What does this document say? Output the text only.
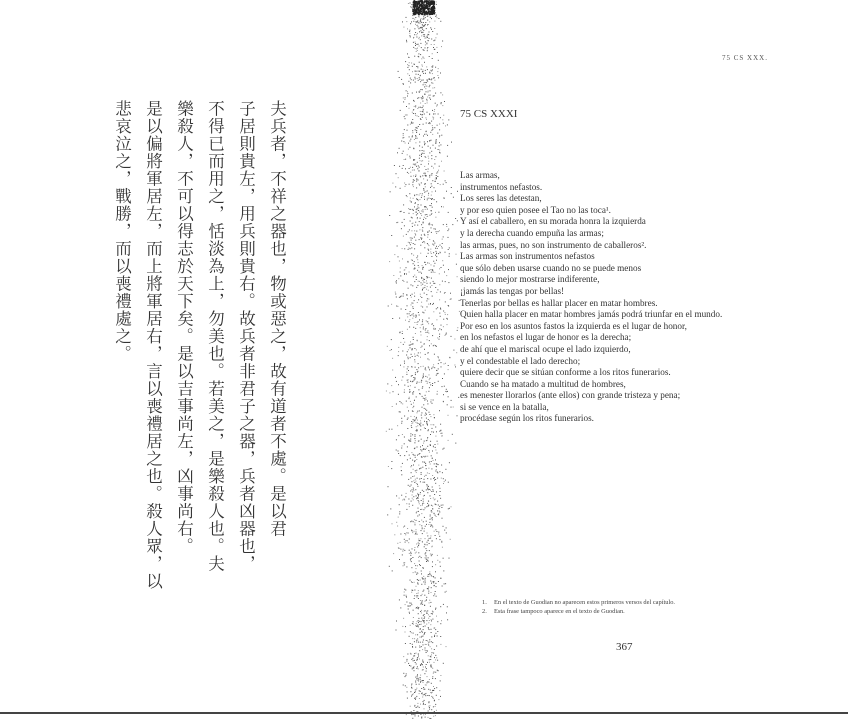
夫兵者，不祥之器也，物或惡之，故有道者不處。是以君
子居則貴左，用兵則貴右。故兵者非君子之器，兵者凶器也，
不得已而用之，恬淡為上，勿美也。若美之，是樂殺人也。夫
樂殺人，不可以得志於天下矣。是以吉事尚左，凶事尚右。
是以偏將軍居左，而上將軍居右，言以喪禮居之也。殺人眾，以
悲哀泣之，戰勝，而以喪禮處之。
75 CS XXX.
75 CS XXXI
Las armas,
instrumentos nefastos.
Los seres las detestan,
y por eso quien posee el Tao no las toca¹.
Y así el caballero, en su morada honra la izquierda
y la derecha cuando empuña las armas;
las armas, pues, no son instrumento de caballeros².
Las armas son instrumentos nefastos
que sólo deben usarse cuando no se puede menos
siendo lo mejor mostrarse indiferente,
¡jamás las tengas por bellas!
Tenerlas por bellas es hallar placer en matar hombres.
Quien halla placer en matar hombres jamás podrá triunfar en el mundo.
Por eso en los asuntos fastos la izquierda es el lugar de honor,
en los nefastos el lugar de honor es la derecha;
de ahí que el mariscal ocupe el lado izquierdo,
y el condestable el lado derecho;
quiere decir que se sitúan conforme a los ritos funerarios.
Cuando se ha matado a multitud de hombres,
es menester llorarlos (ante ellos) con grande tristeza y pena;
si se vence en la batalla,
procédase según los ritos funerarios.
1. En el texto de Guodian no aparecen estos primeros versos del capítulo.
2. Esta frase tampoco aparece en el texto de Guodian.
367
